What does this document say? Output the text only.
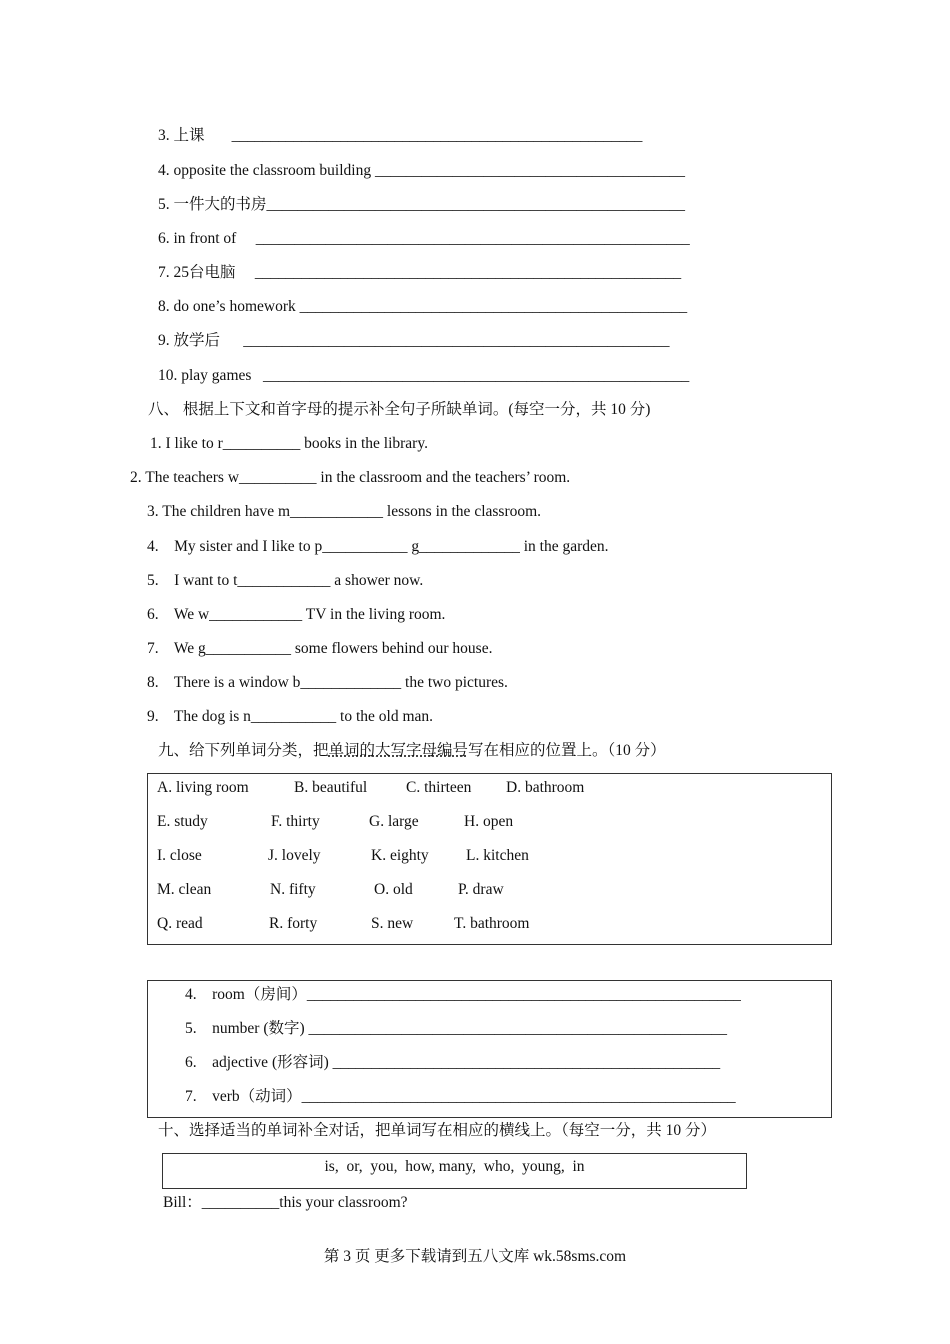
3. 上课       _____________________________________________________
4. opposite the classroom building ________________________________________
5. 一件大的书房______________________________________________________
6. in front of     ________________________________________________________
7. 25台电脑     _______________________________________________________
8. do one’s homework __________________________________________________
9. 放学后      _______________________________________________________
10. play games   _______________________________________________________
八、 根据上下文和首字母的提示补全句子所缺单词。(每空一分，共 10 分)
1. I like to r__________ books in the library.
2. The teachers w__________ in the classroom and the teachers’ room.
3. The children have m____________ lessons in the classroom.
4.    My sister and I like to p___________ g_____________ in the garden.
5.    I want to t____________ a shower now.
6.    We w____________ TV in the living room.
7.    We g___________ some flowers behind our house.
8.    There is a window b_____________ the two pictures.
9.    The dog is n___________ to the old man.
九、给下列单词分类，把单词的大写字母编号写在相应的位置上。（10 分）
A. living room	B. beautiful	C. thirteen D. bathroom
E. study	F. thirty	G. large	H. open
I. close	J. lovely	K. eighty L. kitchen
M. clean	N. fifty	O. old	P. draw
Q. read	R. forty	S. new	T. bathroom
4.    room（房间）________________________________________________________
5.    number (数字) ______________________________________________________
6.    adjective (形容词) __________________________________________________
7.    verb（动词）________________________________________________________
十、选择适当的单词补全对话，把单词写在相应的横线上。（每空一分，共 10 分）
is,  or,  you,  how, many,  who,  young,  in
Bill：__________this your classroom?
第 3 页 更多下载请到五八文库 wk.58sms.com
